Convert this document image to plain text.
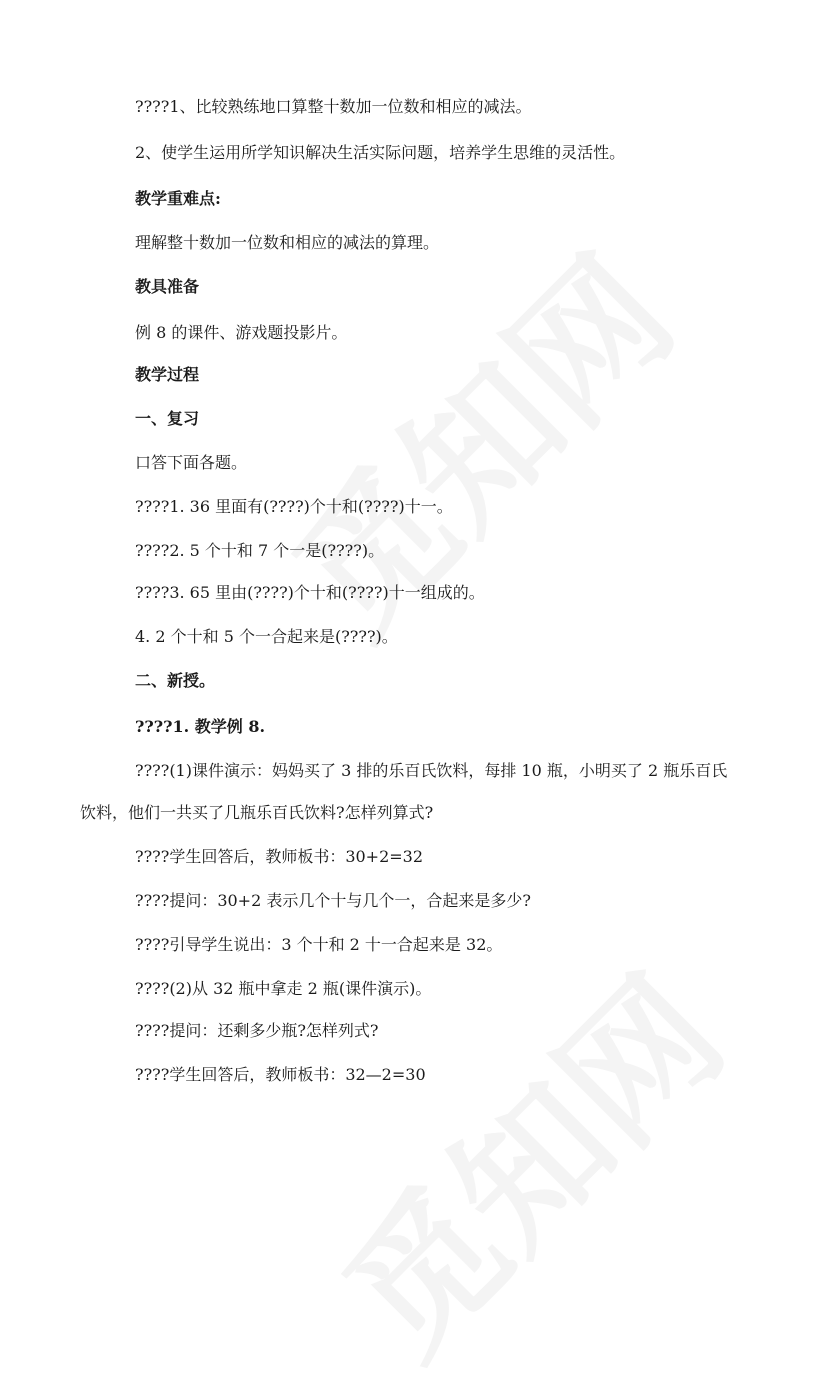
????1、比较熟练地口算整十数加一位数和相应的减法。
2、使学生运用所学知识解决生活实际问题，培养学生思维的灵活性。
教学重难点:
理解整十数加一位数和相应的减法的算理。
教具准备
例 8 的课件、游戏题投影片。
教学过程
一、复习
口答下面各题。
????1. 36 里面有(????)个十和(????)十一。
????2. 5 个十和 7 个一是(????)。
????3. 65 里由(????)个十和(????)十一组成的。
4. 2 个十和 5 个一合起来是(????)。
二、新授。
????1. 教学例 8.
????(1)课件演示：妈妈买了 3 排的乐百氏饮料，每排 10 瓶，小明买了 2 瓶乐百氏
饮料，他们一共买了几瓶乐百氏饮料?怎样列算式?
????学生回答后，教师板书：30+2=32
????提问：30+2 表示几个十与几个一，合起来是多少?
????引导学生说出：3 个十和 2 十一合起来是 32。
????(2)从 32 瓶中拿走 2 瓶(课件演示)。
????提问：还剩多少瓶?怎样列式?
????学生回答后，教师板书：32—2=30
